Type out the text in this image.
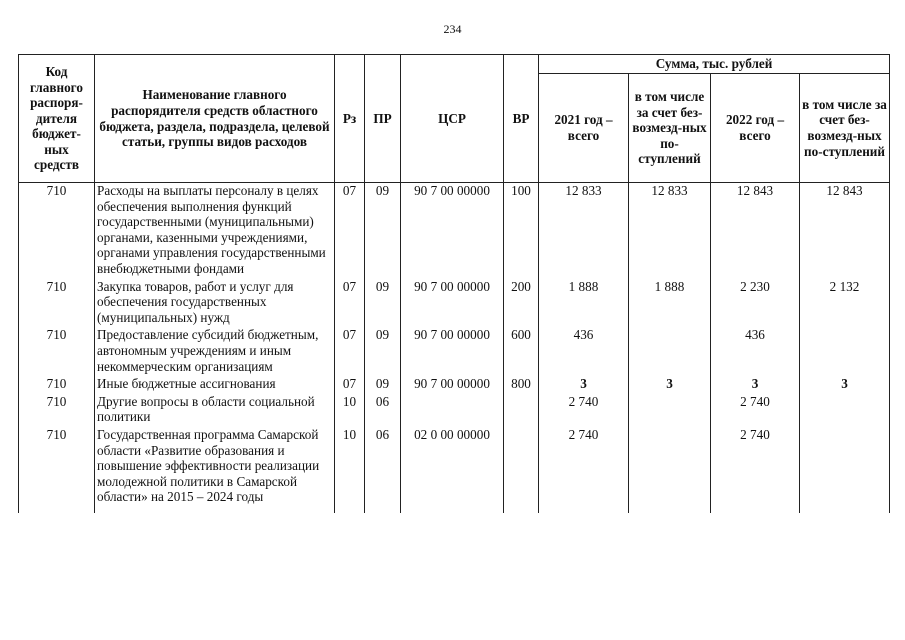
234
Код главного распоря-дителя бюджет-ных средств	Наименование главного распорядителя средств областного бюджета, раздела, подраздела, целевой статьи, группы видов расходов	Рз	ПР	ЦСР	ВР	Сумма, тыс. рублей			
						2021 год – всего	в том числе за счет без-возмезд-ных по-ступлений	2022 год – всего	в том числе за счет без-возмезд-ных по-ступлений
710	Расходы на выплаты персоналу в целях обеспечения выполнения функций государственными (муниципальными) органами, казенными учреждениями, органами управления государственными внебюджетными фондами	07	09	90 7 00 00000	100	12 833	12 833	12 843	12 843
710	Закупка товаров, работ и услуг для обеспечения государственных (муниципальных) нужд	07	09	90 7 00 00000	200	1 888	1 888	2 230	2 132
710	Предоставление субсидий бюджетным, автономным учреждениям и иным некоммерческим организациям	07	09	90 7 00 00000	600	436		436	
710	Иные бюджетные ассигнования	07	09	90 7 00 00000	800	3	3	3	3
710	Другие вопросы в области социальной политики	10	06			2 740		2 740	
710	Государственная программа Самарской области «Развитие образования и повышение эффективности реализации молодежной политики в Самарской области» на 2015 – 2024 годы	10	06	02 0 00 00000		2 740		2 740	
